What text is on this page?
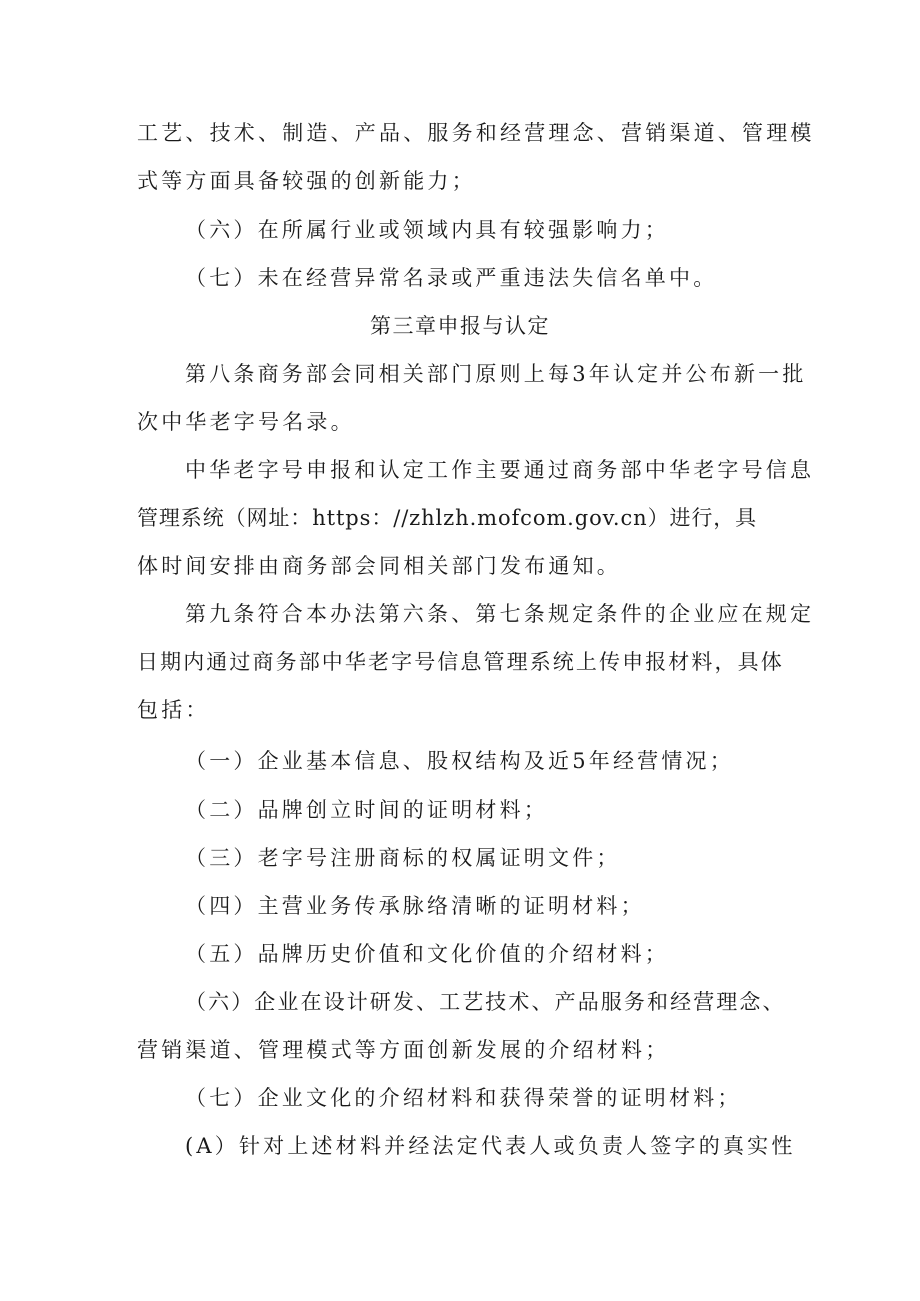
工艺、技术、制造、产品、服务和经营理念、营销渠道、管理模
式等方面具备较强的创新能力；
（六）在所属行业或领域内具有较强影响力；
（七）未在经营异常名录或严重违法失信名单中。
第三章申报与认定
第八条商务部会同相关部门原则上每3年认定并公布新一批
次中华老字号名录。
中华老字号申报和认定工作主要通过商务部中华老字号信息
管理系统（网址：https：//zhlzh.mofcom.gov.cn）进行，具
体时间安排由商务部会同相关部门发布通知。
第九条符合本办法第六条、第七条规定条件的企业应在规定
日期内通过商务部中华老字号信息管理系统上传申报材料，具体
包括：
（一）企业基本信息、股权结构及近5年经营情况；
（二）品牌创立时间的证明材料；
（三）老字号注册商标的权属证明文件；
（四）主营业务传承脉络清晰的证明材料；
（五）品牌历史价值和文化价值的介绍材料；
（六）企业在设计研发、工艺技术、产品服务和经营理念、
营销渠道、管理模式等方面创新发展的介绍材料；
（七）企业文化的介绍材料和获得荣誉的证明材料；
(A）针对上述材料并经法定代表人或负责人签字的真实性
